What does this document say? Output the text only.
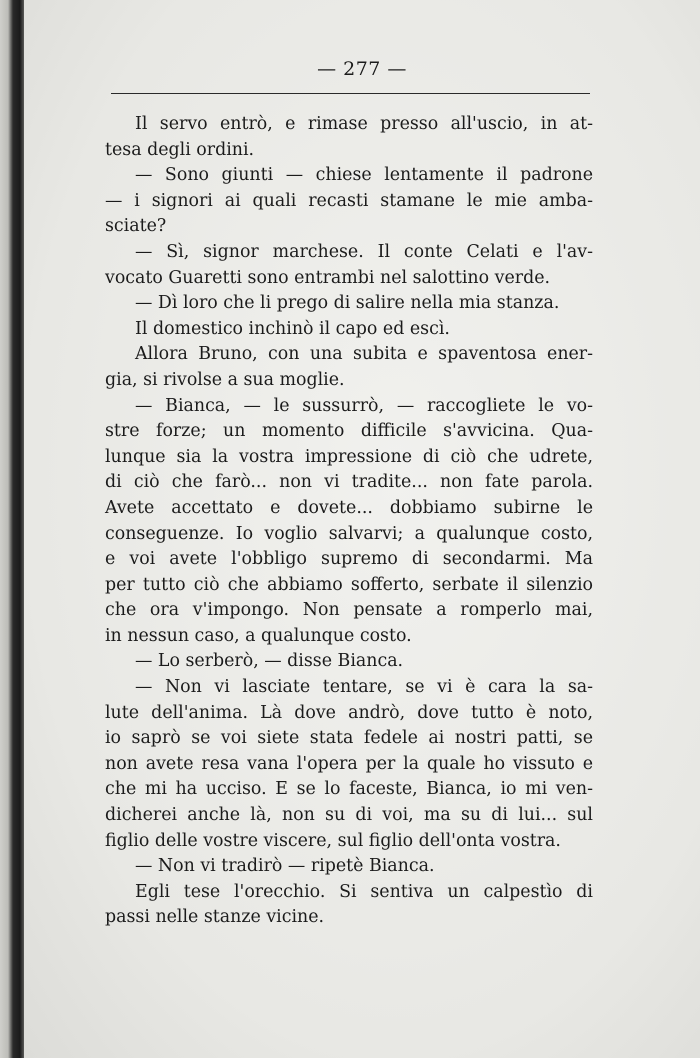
— 277 —
Il servo entrò, e rimase presso all'uscio, in at-
tesa degli ordini.
— Sono giunti — chiese lentamente il padrone
— i signori ai quali recasti stamane le mie amba-
sciate?
— Sì, signor marchese. Il conte Celati e l'av-
vocato Guaretti sono entrambi nel salottino verde.
— Dì loro che li prego di salire nella mia stanza.
Il domestico inchinò il capo ed escì.
Allora Bruno, con una subita e spaventosa ener-
gia, si rivolse a sua moglie.
— Bianca, — le sussurrò, — raccogliete le vo-
stre forze; un momento difficile s'avvicina. Qua-
lunque sia la vostra impressione di ciò che udrete,
di ciò che farò... non vi tradite... non fate parola.
Avete accettato e dovete... dobbiamo subirne le
conseguenze. Io voglio salvarvi; a qualunque costo,
e voi avete l'obbligo supremo di secondarmi. Ma
per tutto ciò che abbiamo sofferto, serbate il silenzio
che ora v'impongo. Non pensate a romperlo mai,
in nessun caso, a qualunque costo.
— Lo serberò, — disse Bianca.
— Non vi lasciate tentare, se vi è cara la sa-
lute dell'anima. Là dove andrò, dove tutto è noto,
io saprò se voi siete stata fedele ai nostri patti, se
non avete resa vana l'opera per la quale ho vissuto e
che mi ha ucciso. E se lo faceste, Bianca, io mi ven-
dicherei anche là, non su di voi, ma su di lui... sul
figlio delle vostre viscere, sul figlio dell'onta vostra.
— Non vi tradirò — ripetè Bianca.
Egli tese l'orecchio. Si sentiva un calpestìo di
passi nelle stanze vicine.
